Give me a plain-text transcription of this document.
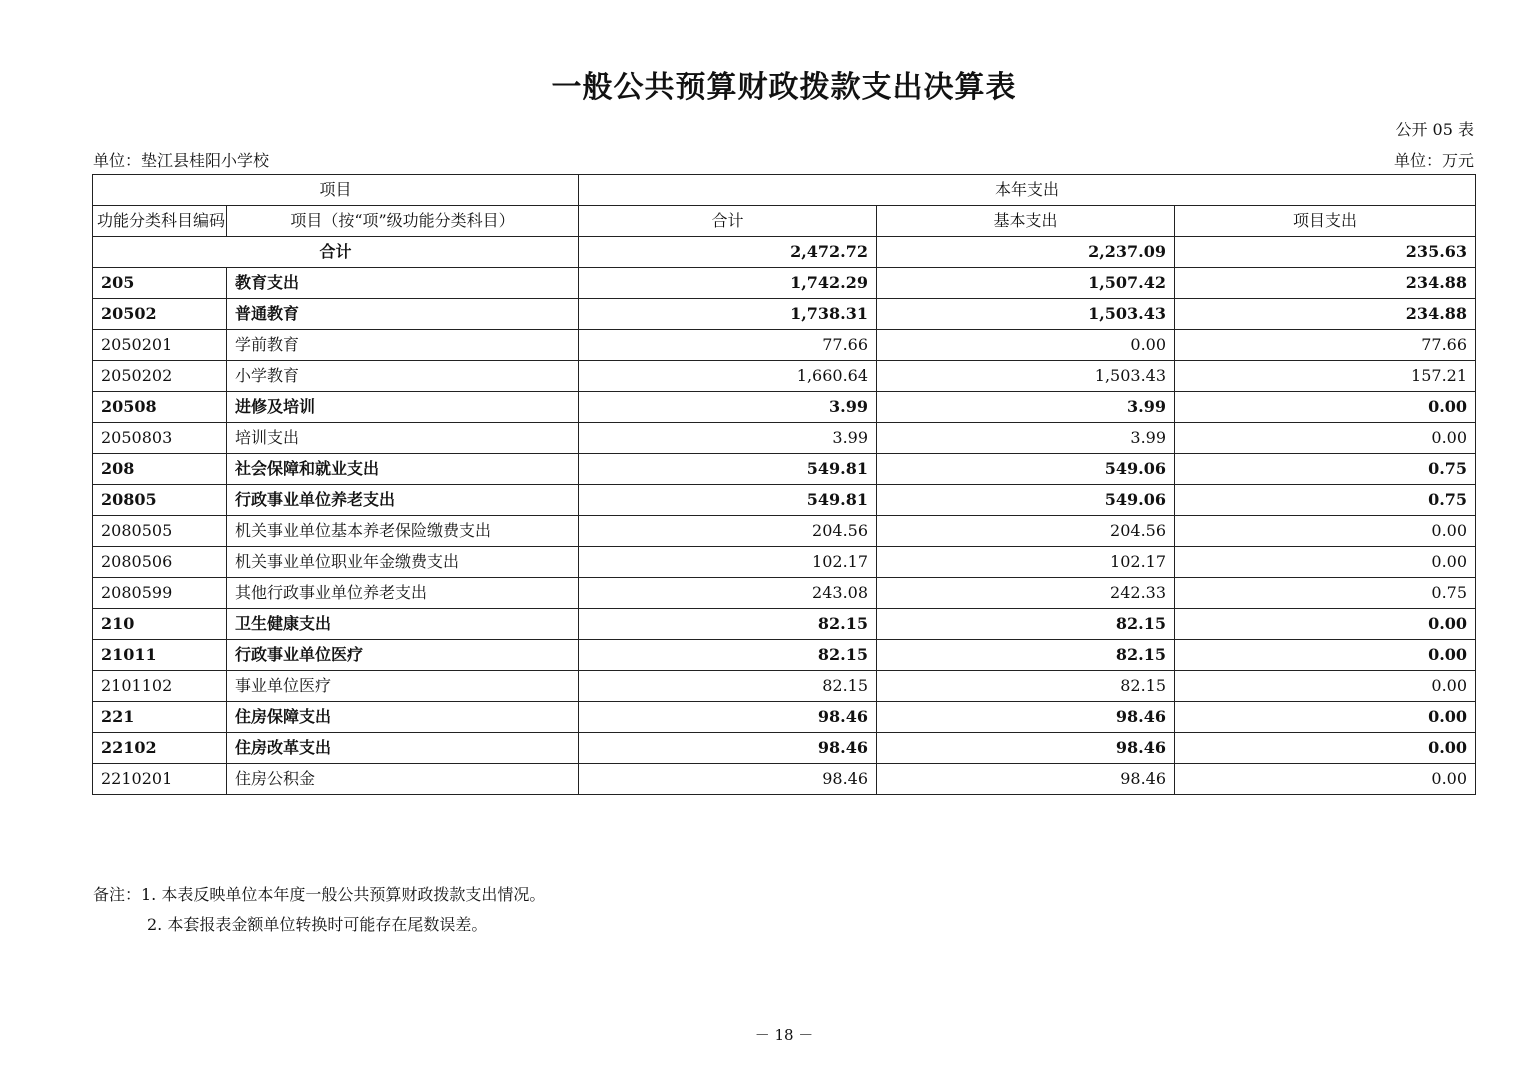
一般公共预算财政拨款支出决算表
公开 05 表
单位：垫江县桂阳小学校	单位：万元
项目		本年支出		
功能分类科目编码	项目（按“项”级功能分类科目）	合计	基本支出	项目支出
合计		2,472.72	2,237.09	235.63
205	教育支出	1,742.29	1,507.42	234.88
20502	普通教育	1,738.31	1,503.43	234.88
2050201	学前教育	77.66	0.00	77.66
2050202	小学教育	1,660.64	1,503.43	157.21
20508	进修及培训	3.99	3.99	0.00
2050803	培训支出	3.99	3.99	0.00
208	社会保障和就业支出	549.81	549.06	0.75
20805	行政事业单位养老支出	549.81	549.06	0.75
2080505	机关事业单位基本养老保险缴费支出	204.56	204.56	0.00
2080506	机关事业单位职业年金缴费支出	102.17	102.17	0.00
2080599	其他行政事业单位养老支出	243.08	242.33	0.75
210	卫生健康支出	82.15	82.15	0.00
21011	行政事业单位医疗	82.15	82.15	0.00
2101102	事业单位医疗	82.15	82.15	0.00
221	住房保障支出	98.46	98.46	0.00
22102	住房改革支出	98.46	98.46	0.00
2210201	住房公积金	98.46	98.46	0.00
备注：1. 本表反映单位本年度一般公共预算财政拨款支出情况。
2. 本套报表金额单位转换时可能存在尾数误差。
－ 18 －
